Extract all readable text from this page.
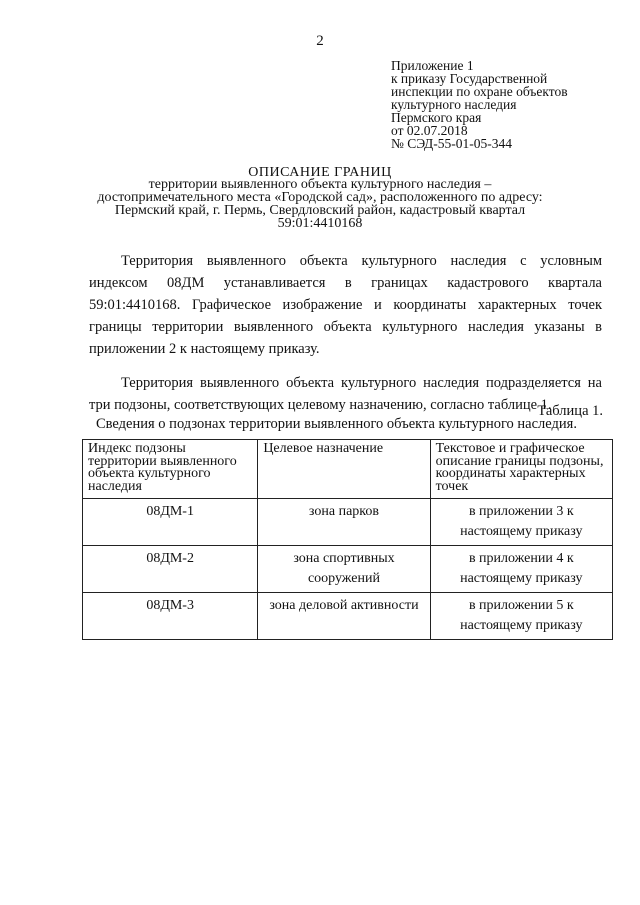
2
Приложение 1
к приказу Государственной
инспекции по охране объектов
культурного наследия
Пермского края
от 02.07.2018
№ СЭД-55-01-05-344
ОПИСАНИЕ ГРАНИЦ
территории выявленного объекта культурного наследия –
достопримечательного места «Городской сад», расположенного по адресу:
Пермский край, г. Пермь, Свердловский район, кадастровый квартал
59:01:4410168
Территория выявленного объекта культурного наследия с условным индексом 08ДМ устанавливается в границах кадастрового квартала 59:01:4410168. Графическое изображение и координаты характерных точек границы территории выявленного объекта культурного наследия указаны в приложении 2 к настоящему приказу.
Территория выявленного объекта культурного наследия подразделяется на три подзоны, соответствующих целевому назначению, согласно таблице 1.
Таблица 1.
Сведения о подзонах территории выявленного объекта культурного наследия.
Индекс подзоны территории выявленного объекта культурного наследия	Целевое назначение	Текстовое и графическое описание границы подзоны, координаты характерных точек
08ДМ-1	зона парков	в приложении 3 к настоящему приказу
08ДМ-2	зона спортивных сооружений	в приложении 4 к настоящему приказу
08ДМ-3	зона деловой активности	в приложении 5 к настоящему приказу
